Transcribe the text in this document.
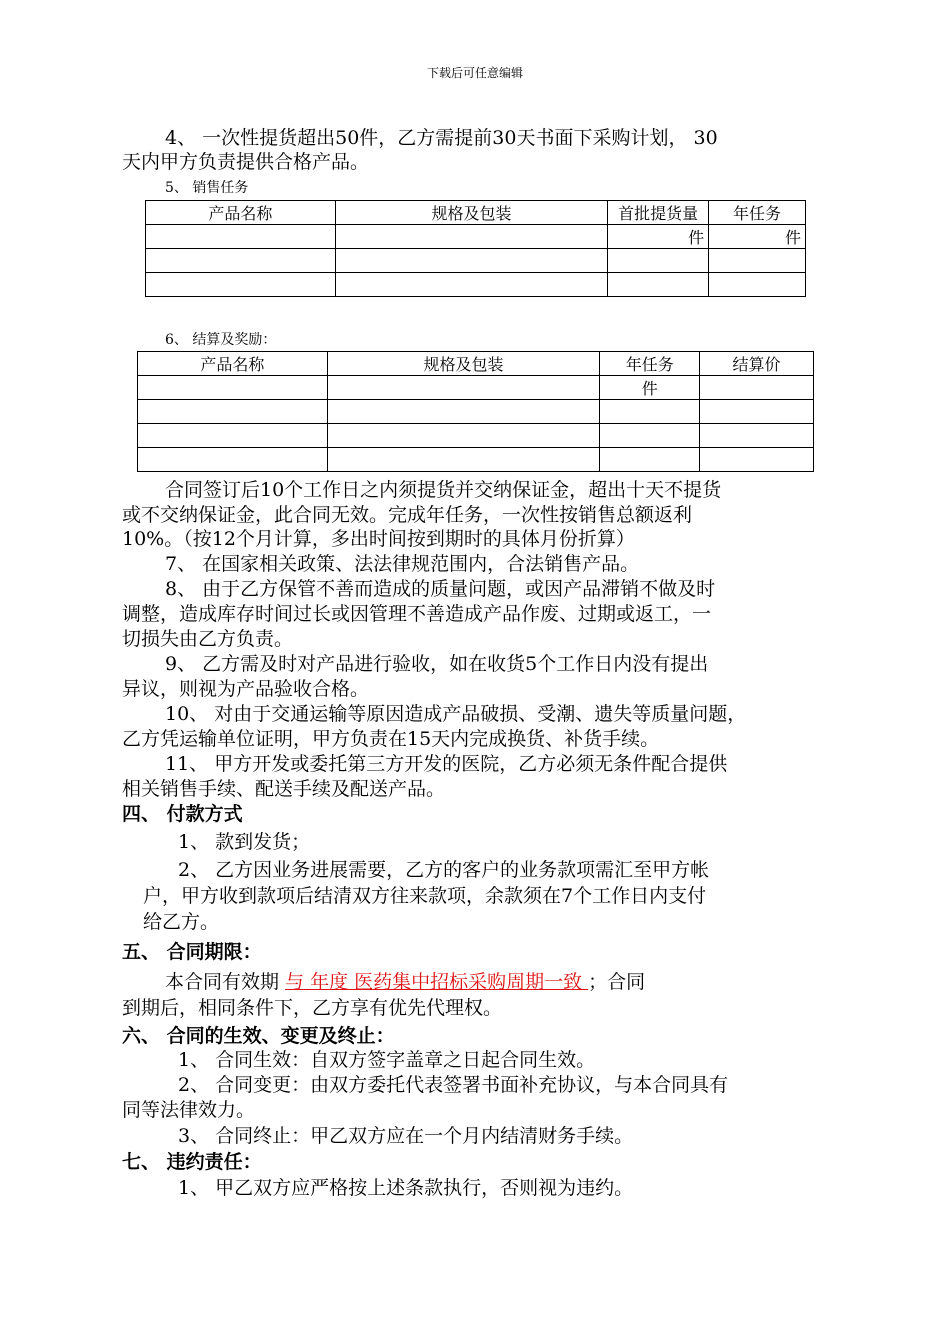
下载后可任意编辑
4、 一次性提货超出50件，乙方需提前30天书面下采购计划， 30
天内甲方负责提供合格产品。
5、 销售任务
产品名称	规格及包装	首批提货量	年任务
		件	件

6、 结算及奖励：
产品名称	规格及包装	年任务	结算价
		件	

合同签订后10个工作日之内须提货并交纳保证金，超出十天不提货
或不交纳保证金，此合同无效。完成年任务，一次性按销售总额返利
10%。（按12个月计算，多出时间按到期时的具体月份折算）
7、 在国家相关政策、法法律规范围内，合法销售产品。
8、 由于乙方保管不善而造成的质量问题，或因产品滞销不做及时
调整，造成库存时间过长或因管理不善造成产品作废、过期或返工，一
切损失由乙方负责。
9、 乙方需及时对产品进行验收，如在收货5个工作日内没有提出
异议，则视为产品验收合格。
10、 对由于交通运输等原因造成产品破损、受潮、遗失等质量问题，
乙方凭运输单位证明，甲方负责在15天内完成换货、补货手续。
11、 甲方开发或委托第三方开发的医院，乙方必须无条件配合提供
相关销售手续、配送手续及配送产品。
四、 付款方式
1、 款到发货；
2、 乙方因业务进展需要，乙方的客户的业务款项需汇至甲方帐
户，甲方收到款项后结清双方往来款项，余款须在7个工作日内支付
给乙方。
五、 合同期限：
本合同有效期 与 年度 医药集中招标采购周期一致 ；合同
到期后，相同条件下，乙方享有优先代理权。
六、 合同的生效、变更及终止：
1、 合同生效：自双方签字盖章之日起合同生效。
2、 合同变更：由双方委托代表签署书面补充协议，与本合同具有
同等法律效力。
3、 合同终止：甲乙双方应在一个月内结清财务手续。
七、 违约责任：
1、 甲乙双方应严格按上述条款执行，否则视为违约。
